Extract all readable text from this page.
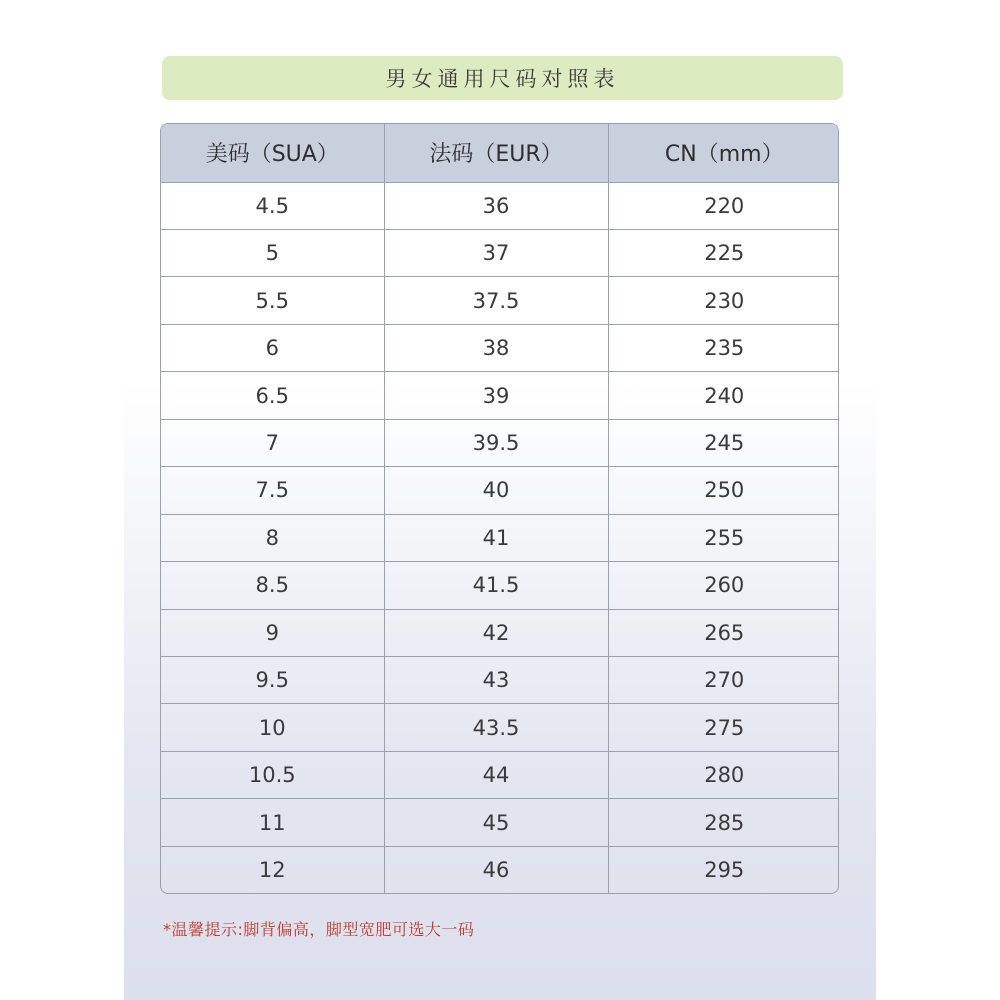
男女通用尺码对照表
美码（SUA）	法码（EUR）	CN（mm）
4.5	36	220
5	37	225
5.5	37.5	230
6	38	235
6.5	39	240
7	39.5	245
7.5	40	250
8	41	255
8.5	41.5	260
9	42	265
9.5	43	270
10	43.5	275
10.5	44	280
11	45	285
12	46	295
*温馨提示:脚背偏高，脚型宽肥可选大一码
